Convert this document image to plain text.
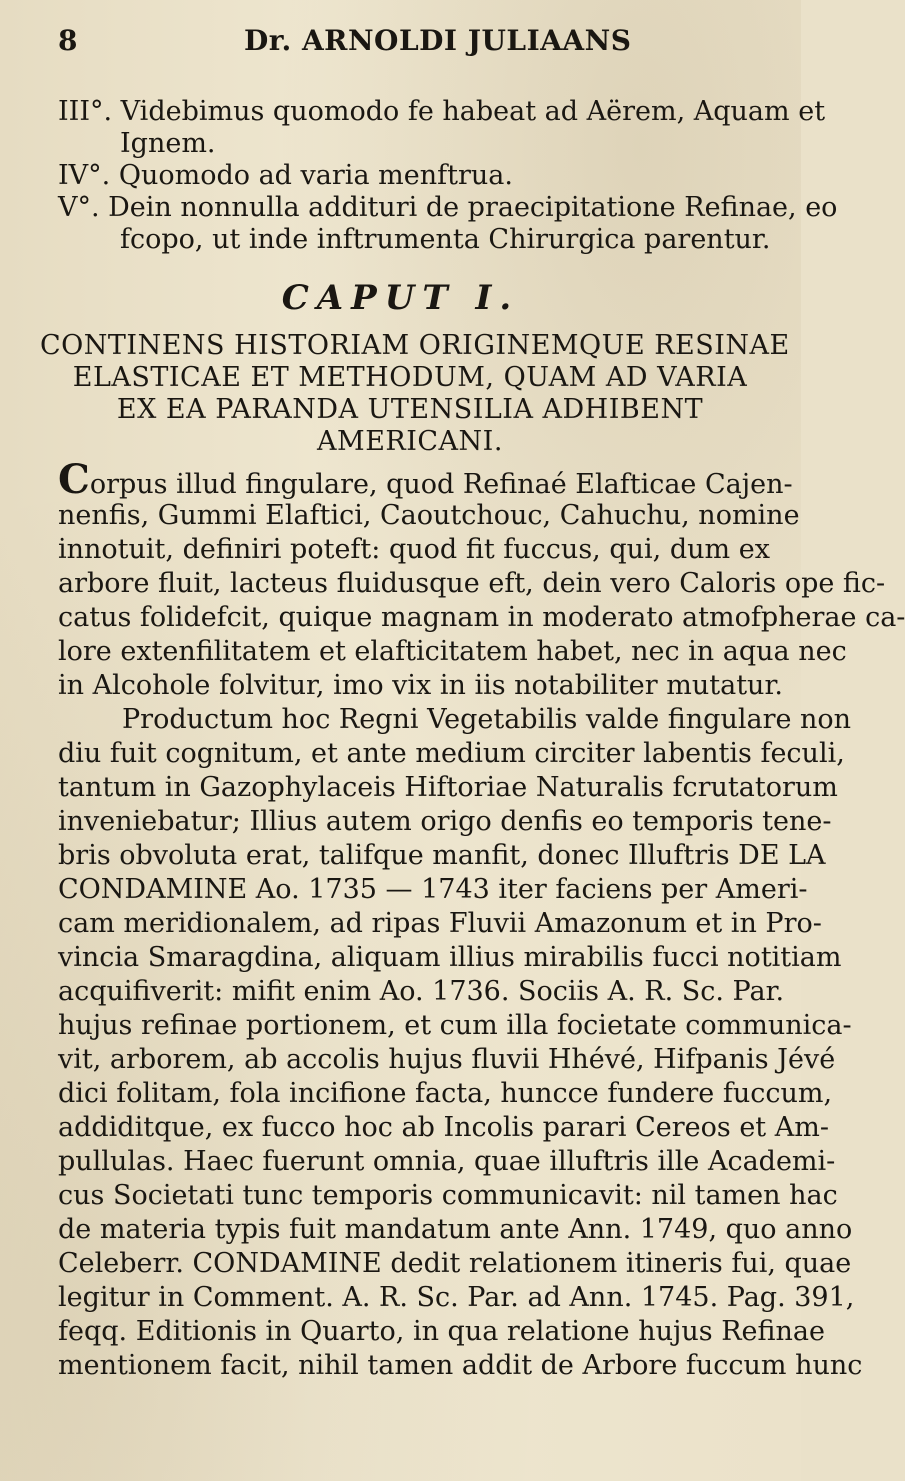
8	Dr. ARNOLDI JULIAANS
III°. Videbimus quomodo fe habeat ad Aërem, Aquam et
Ignem.
IV°. Quomodo ad varia menftrua.
V°. Dein nonnulla addituri de praecipitatione Refinae, eo
fcopo, ut inde inftrumenta Chirurgica parentur.
CAPUT I.
CONTINENS HISTORIAM ORIGINEMQUE RESINAE
ELASTICAE ET METHODUM, QUAM AD VARIA
EX EA PARANDA UTENSILIA ADHIBENT
AMERICANI.
Corpus illud fingulare, quod Refinaé Elafticae Cajen-
nenfis, Gummi Elaftici, Caoutchouc, Cahuchu, nomine
innotuit, definiri poteft: quod fit fuccus, qui, dum ex
arbore fluit, lacteus fluidusque eft, dein vero Caloris ope fic-
catus folidefcit, quique magnam in moderato atmofpherae ca-
lore extenfilitatem et elafticitatem habet, nec in aqua nec
in Alcohole folvitur, imo vix in iis notabiliter mutatur.
Productum hoc Regni Vegetabilis valde fingulare non
diu fuit cognitum, et ante medium circiter labentis feculi,
tantum in Gazophylaceis Hiftoriae Naturalis fcrutatorum
inveniebatur; Illius autem origo denfis eo temporis tene-
bris obvoluta erat, talifque manfit, donec Illuftris DE LA
CONDAMINE Ao. 1735 — 1743 iter faciens per Ameri-
cam meridionalem, ad ripas Fluvii Amazonum et in Pro-
vincia Smaragdina, aliquam illius mirabilis fucci notitiam
acquifiverit: mifit enim Ao. 1736. Sociis A. R. Sc. Par.
hujus refinae portionem, et cum illa focietate communica-
vit, arborem, ab accolis hujus fluvii Hhévé, Hifpanis Jévé
dici folitam, fola incifione facta, huncce fundere fuccum,
addiditque, ex fucco hoc ab Incolis parari Cereos et Am-
pullulas. Haec fuerunt omnia, quae illuftris ille Academi-
cus Societati tunc temporis communicavit: nil tamen hac
de materia typis fuit mandatum ante Ann. 1749, quo anno
Celeberr. CONDAMINE dedit relationem itineris fui, quae
legitur in Comment. A. R. Sc. Par. ad Ann. 1745. Pag. 391,
feqq. Editionis in Quarto, in qua relatione hujus Refinae
mentionem facit, nihil tamen addit de Arbore fuccum hunc
